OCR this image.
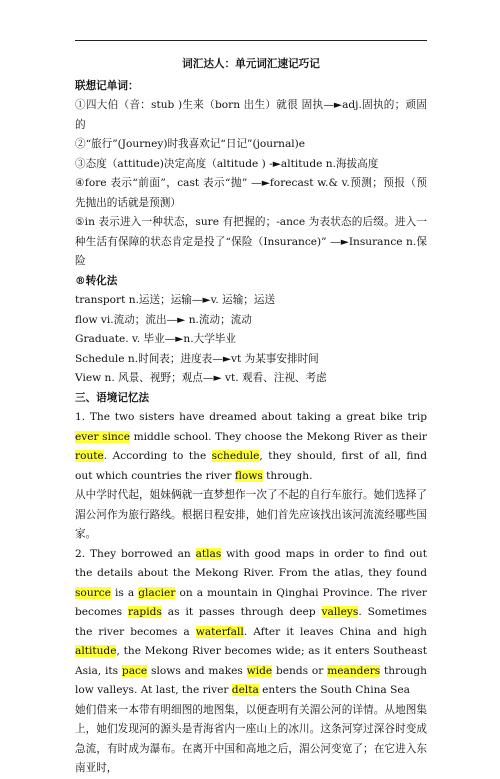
词汇达人：单元词汇速记巧记
联想记单词：
①四大伯（音：stub )生来（born 出生）就很 固执—►adj.固执的；顽固的
②“旅行”(Journey)时我喜欢记“日记”(journal)e
③态度（attitude)决定高度（altitude ) -►altitude n.海拔高度
④fore 表示“前面”，cast 表示“抛” —►forecast w.& v.预测；预报（预先抛出的话就是预测）
⑤in 表示进入一种状态，sure 有把握的；-ance 为表状态的后缀。进入一种生活有保障的状态肯定是投了“保险（Insurance)” —►Insurance n.保险
®转化法
transport n.运送；运输—►v. 运输；运送
flow vi.流动；流出—► n.流动；流动
Graduate. v. 毕业—►n.大学毕业
Schedule n.时间表；进度表—►vt 为某事安排时间
View n. 风景、视野；观点—► vt. 观看、注视、考虑
三、语境记忆法
1. The two sisters have dreamed about taking a great bike trip ever since middle school. They choose the Mekong River as their route. According to the schedule, they should, first of all, find out which countries the river flows through.
从中学时代起，姐妹俩就一直梦想作一次了不起的自行车旅行。她们选择了湄公河作为旅行路线。根据日程安排，她们首先应该找出该河流流经哪些国家。
2. They borrowed an atlas with good maps in order to find out the details about the Mekong River. From the atlas, they found source is a glacier on a mountain in Qinghai Province. The river becomes rapids as it passes through deep valleys. Sometimes the river becomes a waterfall. After it leaves China and high altitude, the Mekong River becomes wide; as it enters Southeast Asia, its pace slows and makes wide bends or meanders through low valleys. At last, the river delta enters the South China Sea
她们借来一本带有明细图的地图集，以便查明有关湄公河的详情。从地图集上，她们发现河的源头是青海省内一座山上的冰川。这条河穿过深谷时变成急流，有时成为瀑布。在离开中国和高地之后，湄公河变宽了；在它进入东南亚时，
